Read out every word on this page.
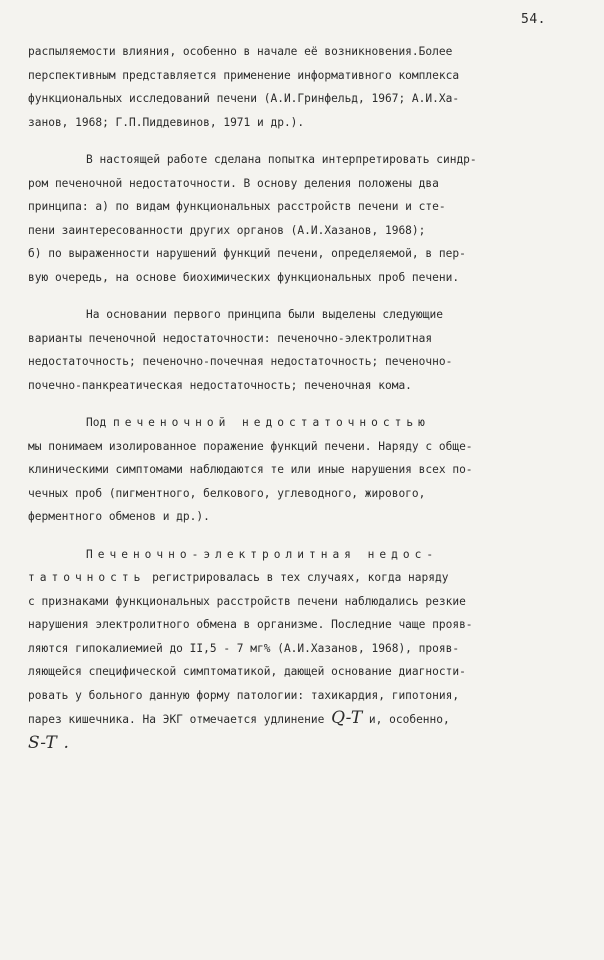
54.

распыляемости влияния, особенно в начале её возникновения.Более
перспективным представляется применение информативного комплекса
функциональных исследований печени (А.И.Гринфельд, 1967; А.И.Ха-
занов, 1968; Г.П.Пиддевинов, 1971 и др.).

В настоящей работе сделана попытка интерпретировать синдр-
ром печеночной недостаточности. В основу деления положены два
принципа: а) по видам функциональных расстройств печени и сте-
пени заинтересованности других органов (А.И.Хазанов, 1968);
б) по выраженности нарушений функций печени, определяемой, в пер-
вую очередь, на основе биохимических функциональных проб печени.

На основании первого принципа были выделены следующие
варианты печеночной недостаточности: печеночно-электролитная
недостаточность; печеночно-почечная недостаточность; печеночно-
почечно-панкреатическая недостаточность; печеночная кома.

Под печеночной недостаточностью
мы понимаем изолированное поражение функций печени. Наряду с обще-
клиническими симптомами наблюдаются те или иные нарушения всех по-
чечных проб (пигментного, белкового, углеводного, жирового,
ферментного обменов и др.).

Печеночно-электролитная недос-
таточность регистрировалась в тех случаях, когда наряду
с признаками функциональных расстройств печени наблюдались резкие
нарушения электролитного обмена в организме. Последние чаще прояв-
ляются гипокалиемией до II,5 - 7 мг% (А.И.Хазанов, 1968), прояв-
ляющейся специфической симптоматикой, дающей основание диагности-
ровать у больного данную форму патологии: тахикардия, гипотония,
парез кишечника. На ЭКГ отмечается удлинение Q-T и, особенно,
S-T .
